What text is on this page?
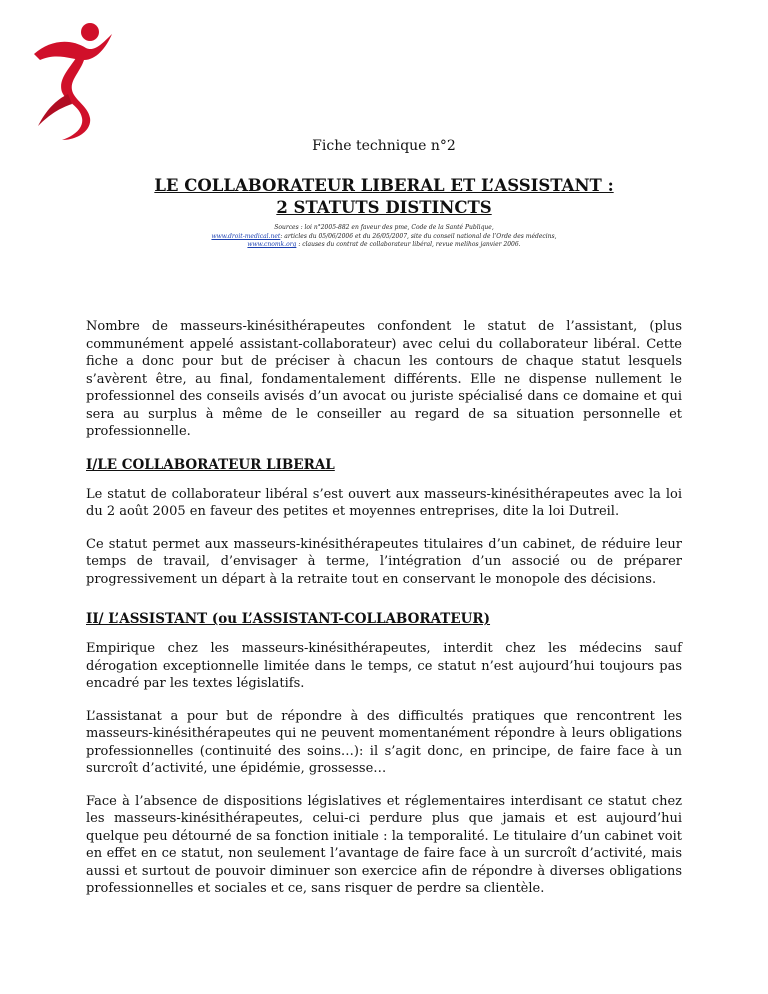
Fiche technique n°2
LE COLLABORATEUR LIBERAL ET L’ASSISTANT :
2 STATUTS DISTINCTS
Sources : loi n°2005-882 en faveur des pme, Code de la Santé Publique,
www.droit-medical.net: articles du 05/06/2006 et du 26/05/2007, site du conseil national de l’Orde des médecins,
www.cnomk.org : clauses du contrat de collaborateur libéral, revue melihos janvier 2006.

Nombre de masseurs-kinésithérapeutes confondent le statut de l’assistant, (plus communément appelé assistant-collaborateur) avec celui du collaborateur libéral. Cette fiche a donc pour but de préciser à chacun les contours de chaque statut lesquels s’avèrent être, au final, fondamentalement différents. Elle ne dispense nullement le professionnel des conseils avisés d’un avocat ou juriste spécialisé dans ce domaine et qui sera au surplus à même de le conseiller au regard de sa situation personnelle et professionnelle.

I/LE COLLABORATEUR LIBERAL

Le statut de collaborateur libéral s’est ouvert aux masseurs-kinésithérapeutes avec la loi du 2 août 2005 en faveur des petites et moyennes entreprises, dite la loi Dutreil.

Ce statut permet aux masseurs-kinésithérapeutes titulaires d’un cabinet, de réduire leur temps de travail, d’envisager à terme, l’intégration d’un associé ou de préparer progressivement un départ à la retraite tout en conservant le monopole des décisions.

II/ L’ASSISTANT (ou L’ASSISTANT-COLLABORATEUR)

Empirique chez les masseurs-kinésithérapeutes, interdit chez les médecins sauf dérogation exceptionnelle limitée dans le temps, ce statut n’est aujourd’hui toujours pas encadré par les textes législatifs.

L’assistanat a pour but de répondre à des difficultés pratiques que rencontrent les masseurs-kinésithérapeutes qui ne peuvent momentanément répondre à leurs obligations professionnelles (continuité des soins…): il s’agit donc, en principe, de faire face à un surcroît d’activité, une épidémie, grossesse…

Face à l’absence de dispositions législatives et réglementaires interdisant ce statut chez les masseurs-kinésithérapeutes, celui-ci perdure plus que jamais et est aujourd’hui quelque peu détourné de sa fonction initiale : la temporalité. Le titulaire d’un cabinet voit en effet en ce statut, non seulement l’avantage de faire face à un surcroît d’activité, mais aussi et surtout de pouvoir diminuer son exercice afin de répondre à diverses obligations professionnelles et sociales et ce, sans risquer de perdre sa clientèle.
